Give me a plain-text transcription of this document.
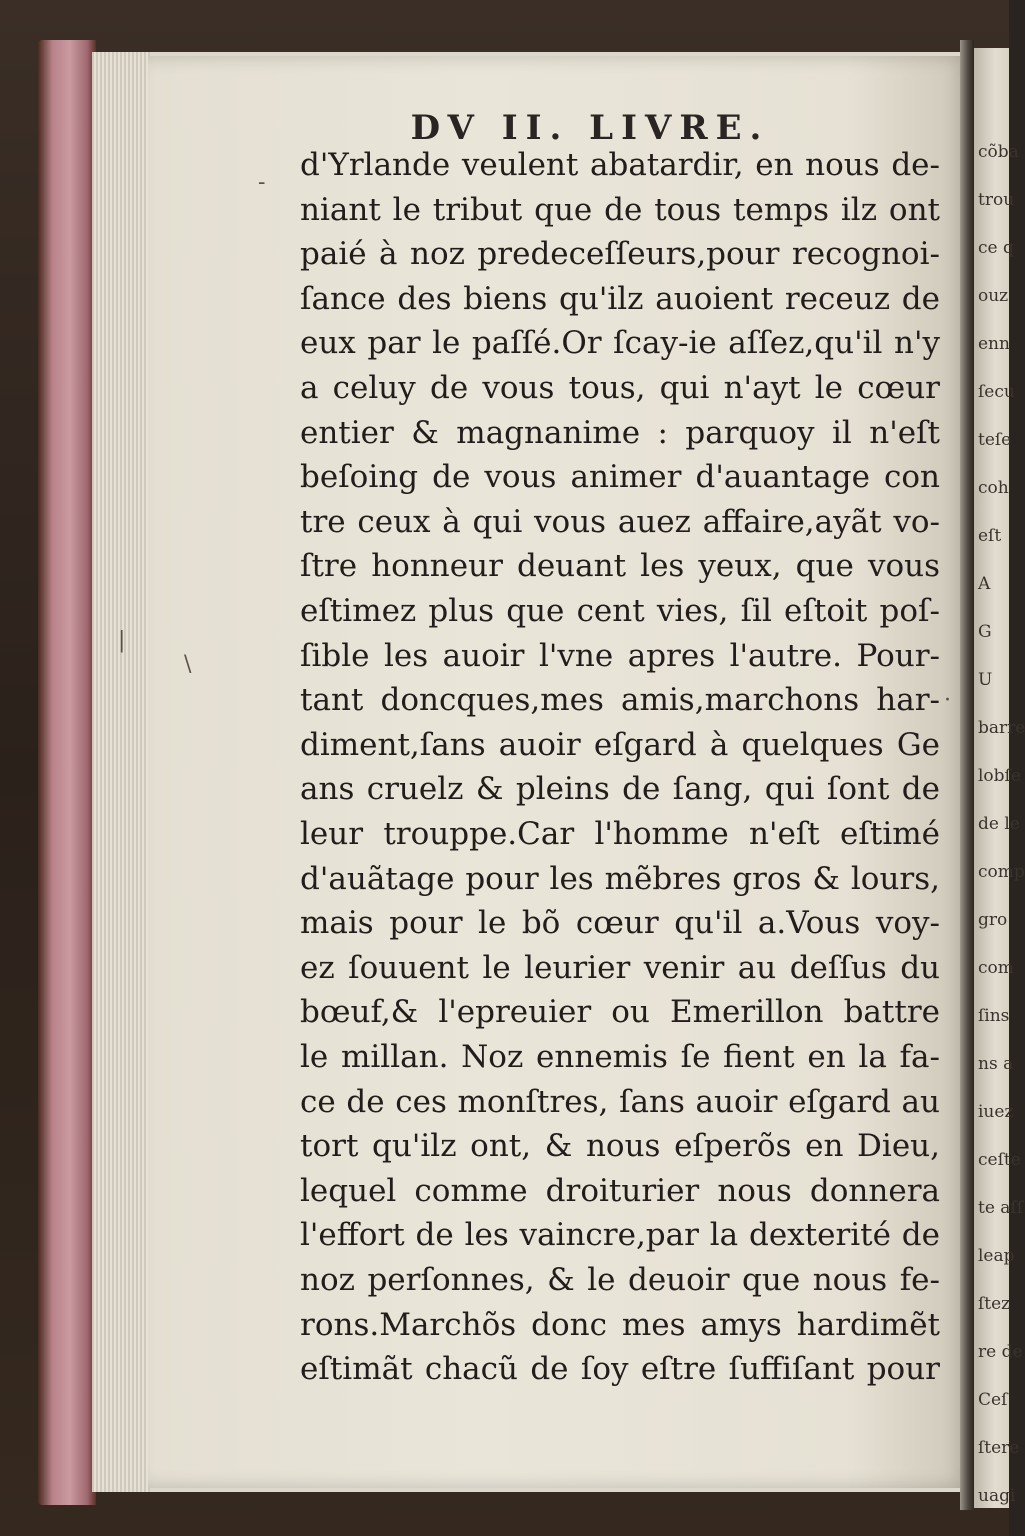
DV II. LIVRE.
d'Yrlande veulent abatardir, en nous de-
niant le tribut que de tous temps ilz ont
paié à noz predeceſſeurs,pour recognoi-
ſance des biens qu'ilz auoient receuz de
eux par le paſſé.Or ſcay-ie aſſez,qu'il n'y
a celuy de vous tous, qui n'ayt le cœur
entier & magnanime : parquoy il n'eſt
beſoing de vous animer d'auantage con
tre ceux à qui vous auez affaire,ayãt vo-
ſtre honneur deuant les yeux, que vous
eſtimez plus que cent vies, ſil eſtoit poſ-
ſible les auoir l'vne apres l'autre. Pour-
tant doncques,mes amis,marchons har-
diment,ſans auoir eſgard à quelques Ge
ans cruelz & pleins de ſang, qui ſont de
leur trouppe.Car l'homme n'eſt eſtimé
d'auãtage pour les mẽbres gros & lours,
mais pour le bõ cœur qu'il a.Vous voy-
ez ſouuent le leurier venir au deſſus du
bœuf,& l'epreuier ou Emerillon battre
le millan. Noz ennemis ſe fient en la fa-
ce de ces monſtres, ſans auoir eſgard au
tort qu'ilz ont, & nous eſperõs en Dieu,
lequel comme droiturier nous donnera
l'effort de les vaincre,par la dexterité de
noz perſonnes, & le deuoir que nous fe-
rons.Marchõs donc mes amys hardimẽt
eſtimãt chacũ de ſoy eſtre ſuffiſant pour
cõba
trou
ce q
ouz
enn
ſecu
teſe
coh
eſt
A
G
U
barre
lobſe
de le
comp
gro
com
ſins
ns a
iuez
ceſte
te aſſ
leap
ſtez
re de
Ceſ
ſtere
uagi
-
|
·
\
